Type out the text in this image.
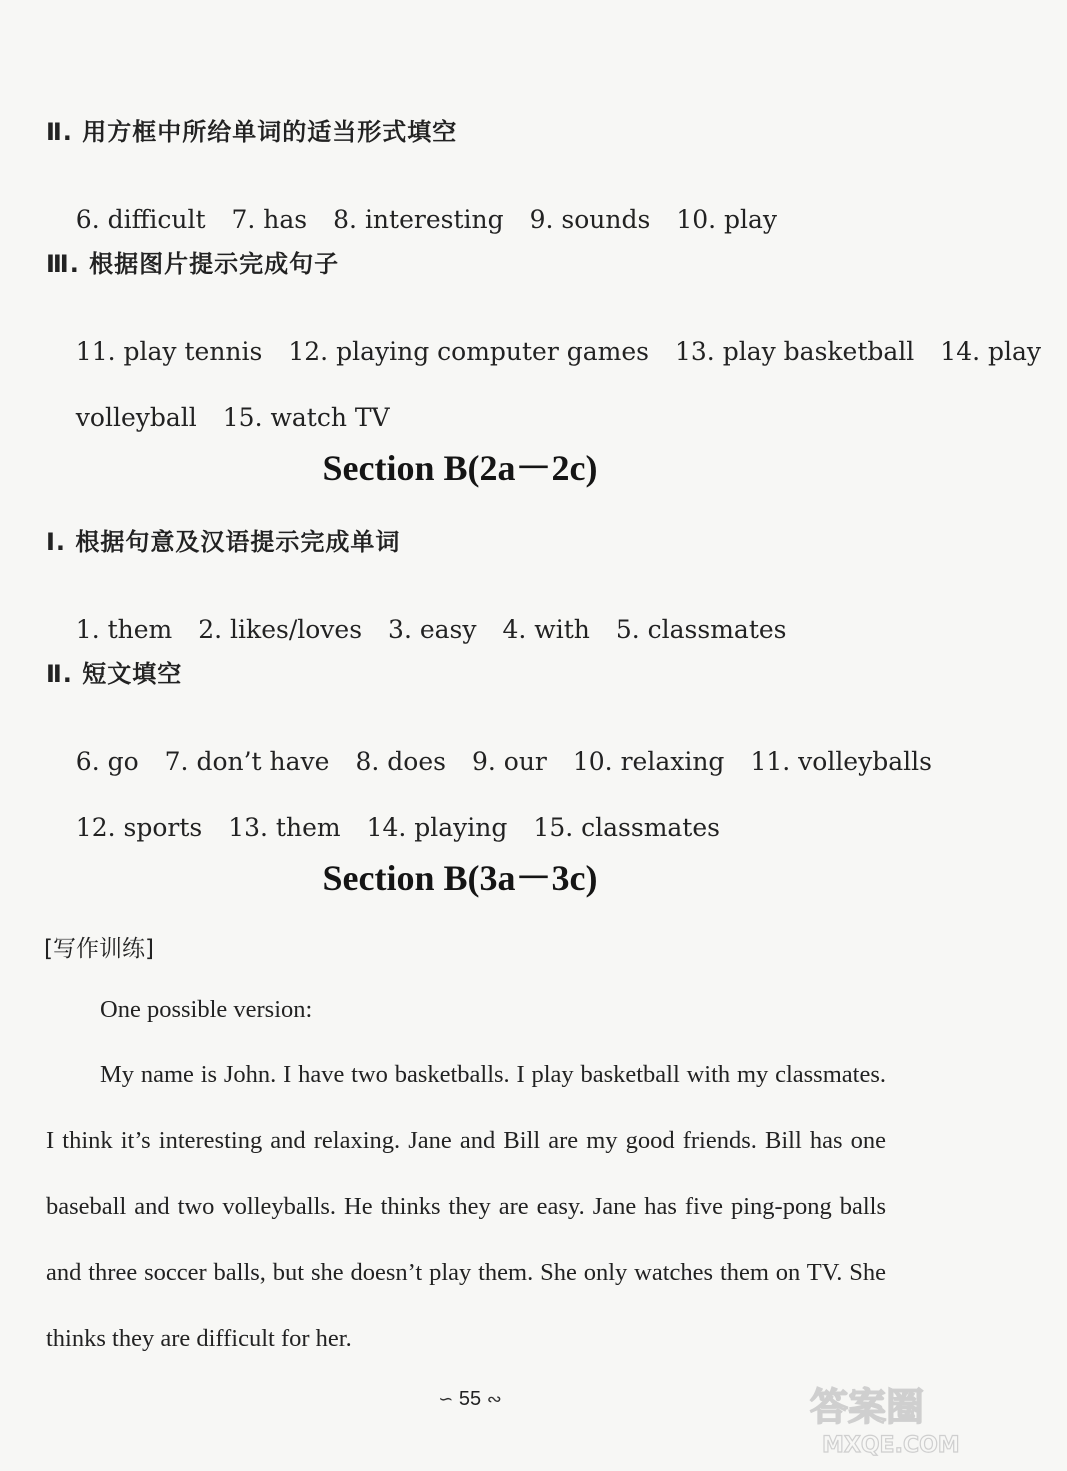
Ⅱ. 用方框中所给单词的适当形式填空

6. difficult 7. has 8. interesting 9. sounds 10. play

Ⅲ. 根据图片提示完成句子

11. play tennis 12. playing computer games 13. play basketball 14. play

volleyball 15. watch TV

Section B(2a－2c)
Ⅰ. 根据句意及汉语提示完成单词

1. them 2. likes/loves 3. easy 4. with 5. classmates

Ⅱ. 短文填空

6. go 7. don’t have 8. does 9. our 10. relaxing 11. volleyballs

12. sports 13. them 14. playing 15. classmates

Section B(3a－3c)
[写作训练]
One possible version:
My name is John. I have two basketballs. I play basketball with my classmates. I think it’s interesting and relaxing. Jane and Bill are my good friends. Bill has one baseball and two volleyballs. He thinks they are easy. Jane has five ping-pong balls and three soccer balls, but she doesn’t play them. She only watches them on TV. She thinks they are difficult for her.
∽ 55 ∾	答案圈
MXQE.COM
